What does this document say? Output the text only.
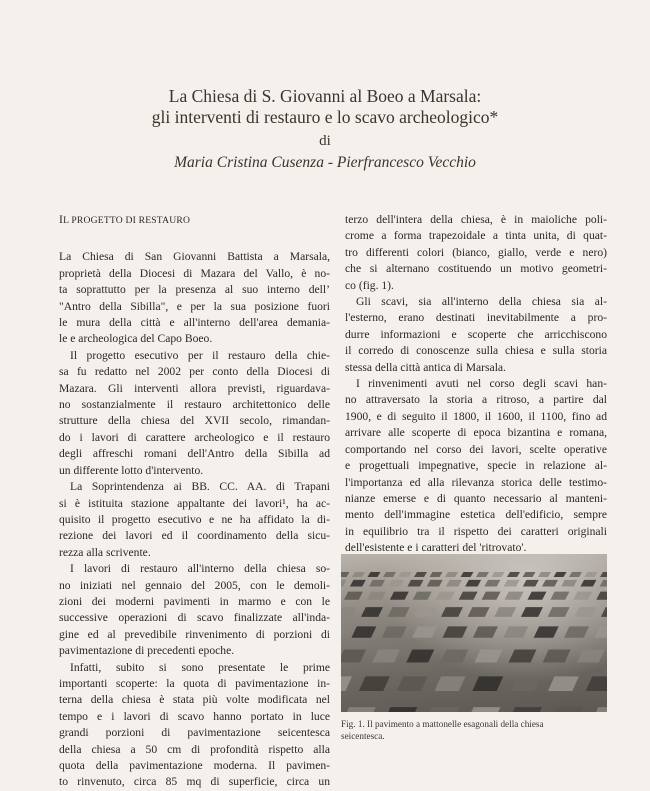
La Chiesa di S. Giovanni al Boeo a Marsala:
gli interventi di restauro e lo scavo archeologico*
di
Maria Cristina Cusenza - Pierfrancesco Vecchio
IL PROGETTO DI RESTAURO
La Chiesa di San Giovanni Battista a Marsala,
proprietà della Diocesi di Mazara del Vallo, è no-
ta soprattutto per la presenza al suo interno dell’
"Antro della Sibilla", e per la sua posizione fuori
le mura della città e all'interno dell'area demania-
le e archeologica del Capo Boeo.
Il progetto esecutivo per il restauro della chie-
sa fu redatto nel 2002 per conto della Diocesi di
Mazara. Gli interventi allora previsti, riguardava-
no sostanzialmente il restauro architettonico delle
strutture della chiesa del XVII secolo, rimandan-
do i lavori di carattere archeologico e il restauro
degli affreschi romani dell'Antro della Sibilla ad
un differente lotto d'intervento.
La Soprintendenza ai BB. CC. AA. di Trapani
si è istituita stazione appaltante dei lavori¹, ha ac-
quisito il progetto esecutivo e ne ha affidato la di-
rezione dei lavori ed il coordinamento della sicu-
rezza alla scrivente.
I lavori di restauro all'interno della chiesa so-
no iniziati nel gennaio del 2005, con le demoli-
zioni dei moderni pavimenti in marmo e con le
successive operazioni di scavo finalizzate all'inda-
gine ed al prevedibile rinvenimento di porzioni di
pavimentazione di precedenti epoche.
Infatti, subito si sono presentate le prime
importanti scoperte: la quota di pavimentazione in-
terna della chiesa è stata più volte modificata nel
tempo e i lavori di scavo hanno portato in luce
grandi porzioni di pavimentazione seicentesca
della chiesa a 50 cm di profondità rispetto alla
quota della pavimentazione moderna. Il pavimen-
to rinvenuto, circa 85 mq di superficie, circa un
terzo dell'intera della chiesa, è in maioliche poli-
crome a forma trapezoidale a tinta unita, di quat-
tro differenti colori (bianco, giallo, verde e nero)
che si alternano costituendo un motivo geometri-
co (fig. 1).
Gli scavi, sia all'interno della chiesa sia al-
l'esterno, erano destinati inevitabilmente a pro-
durre informazioni e scoperte che arricchiscono
il corredo di conoscenze sulla chiesa e sulla storia
stessa della città antica di Marsala.
I rinvenimenti avuti nel corso degli scavi han-
no attraversato la storia a ritroso, a partire dal
1900, e di seguito il 1800, il 1600, il 1100, fino ad
arrivare alle scoperte di epoca bizantina e romana,
comportando nel corso dei lavori, scelte operative
e progettuali impegnative, specie in relazione al-
l'importanza ed alla rilevanza storica delle testimo-
nianze emerse e di quanto necessario al manteni-
mento dell'immagine estetica dell'edificio, sempre
in equilibrio tra il rispetto dei caratteri originali
dell'esistente e i caratteri del 'ritrovato'.
Fig. 1. Il pavimento a mattonelle esagonali della chiesa
seicentesca.
